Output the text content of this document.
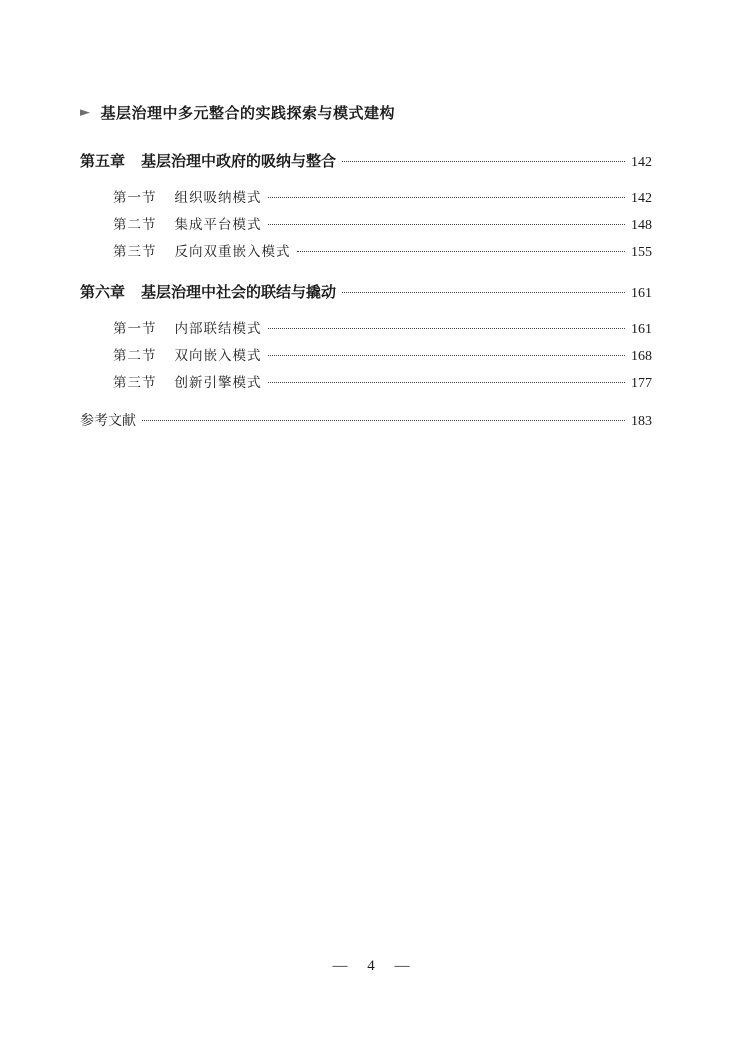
► 基层治理中多元整合的实践探索与模式建构
第五章 基层治理中政府的吸纳与整合	142
第一节 组织吸纳模式	142
第二节 集成平台模式	148
第三节 反向双重嵌入模式	155
第六章 基层治理中社会的联结与撬动	161
第一节 内部联结模式	161
第二节 双向嵌入模式	168
第三节 创新引擎模式	177
参考文献	183
— 4 —
